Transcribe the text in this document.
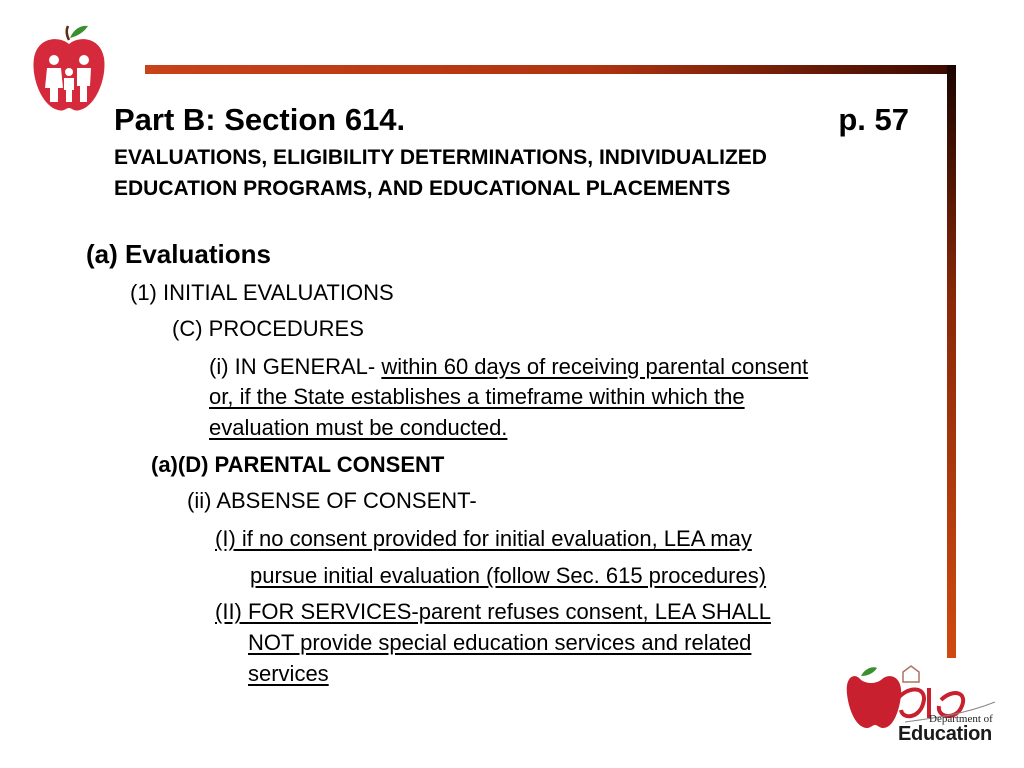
Part B: Section 614.	p. 57

EVALUATIONS, ELIGIBILITY DETERMINATIONS, INDIVIDUALIZED
EDUCATION PROGRAMS, AND EDUCATIONAL PLACEMENTS

(a) Evaluations
(1) INITIAL EVALUATIONS
(C) PROCEDURES
(i) IN GENERAL- within 60 days of receiving parental consent
or, if the State establishes a timeframe within which the
evaluation must be conducted.
(a)(D) PARENTAL CONSENT
(ii) ABSENSE OF CONSENT-
(I) if no consent provided for initial evaluation, LEA may
pursue initial evaluation (follow Sec. 615 procedures)
(II) FOR SERVICES-parent refuses consent, LEA SHALL
NOT provide special education services and related
services
Department of
Education
